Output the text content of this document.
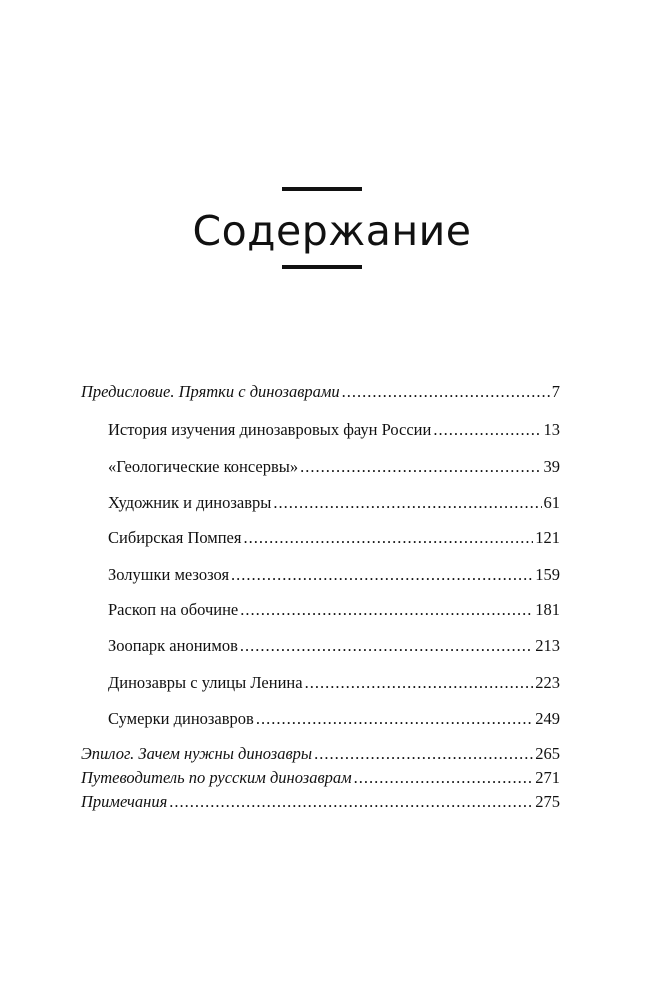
Содержание
Предисловие. Прятки с динозаврами .....	7
История изучения динозавровых фаун России .....	13
«Геологические консервы» .....	39
Художник и динозавры .....	61
Сибирская Помпея .....	121
Золушки мезозоя .....	159
Раскоп на обочине .....	181
Зоопарк анонимов .....	213
Динозавры с улицы Ленина .....	223
Сумерки динозавров .....	249
Эпилог. Зачем нужны динозавры .....	265
Путеводитель по русским динозаврам .....	271
Примечания .....	275
